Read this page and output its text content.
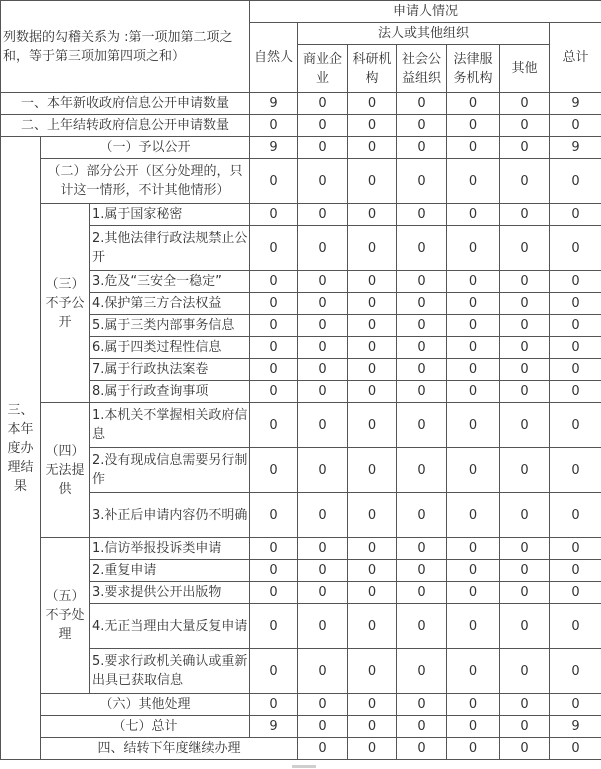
列数据的勾稽关系为 :第一项加第二项之和，等于第三项加第四项之和）			申请人情况							
			自然人	法人或其他组织					总计	
				商业企业	科研机构	社会公益组织	法律服务机构	其他		
一、本年新收政府信息公开申请数量			9	0	0	0	0	0	9	
二、上年结转政府信息公开申请数量			0	0	0	0	0	0	0	
三、本年度办理结果	（一）予以公开		9	0	0	0	0	0	9	
	（二）部分公开（区分处理的，只计这一情形，不计其他情形）		0	0	0	0	0	0	0	
	（三）不予公开	1.属于国家秘密	0	0	0	0	0	0	0	
		2.其他法律行政法规禁止公开	0	0	0	0	0	0	0	
		3.危及“三安全一稳定”	0	0	0	0	0	0	0	
		4.保护第三方合法权益	0	0	0	0	0	0	0	
		5.属于三类内部事务信息	0	0	0	0	0	0	0	
		6.属于四类过程性信息	0	0	0	0	0	0	0	
		7.属于行政执法案卷	0	0	0	0	0	0	0	
		8.属于行政查询事项	0	0	0	0	0	0	0	
	（四）无法提供	1.本机关不掌握相关政府信息	0	0	0	0	0	0	0	
		2.没有现成信息需要另行制作	0	0	0	0	0	0	0	
		3.补正后申请内容仍不明确	0	0	0	0	0	0	0	
	（五）不予处理	1.信访举报投诉类申请	0	0	0	0	0	0	0	
		2.重复申请	0	0	0	0	0	0	0	
		3.要求提供公开出版物	0	0	0	0	0	0	0	
		4.无正当理由大量反复申请	0	0	0	0	0	0	0	
		5.要求行政机关确认或重新出具已获取信息	0	0	0	0	0	0	0	
	（六）其他处理		0	0	0	0	0	0	0	
	（七）总计		9	0	0	0	0	0	9	
	四、结转下年度继续办理			0	0	0	0	0	0	
